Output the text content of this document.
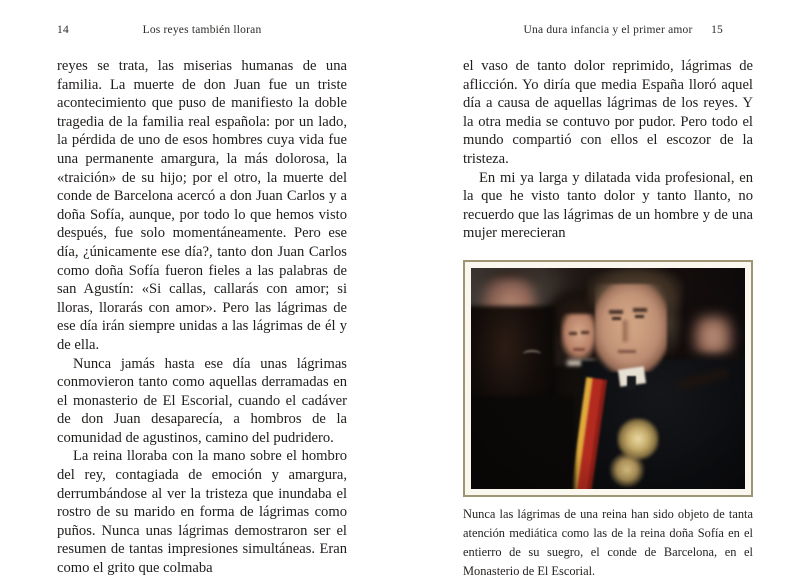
14	Los reyes también lloran

reyes se trata, las miserias humanas de una familia. La muerte de don Juan fue un triste acontecimiento que puso de manifiesto la doble tragedia de la familia real española: por un lado, la pérdida de uno de esos hombres cuya vida fue una permanente amargura, la más dolorosa, la «traición» de su hijo; por el otro, la muerte del conde de Barcelona acercó a don Juan Carlos y a doña Sofía, aunque, por todo lo que hemos visto después, fue solo momentáneamente. Pero ese día, ¿únicamente ese día?, tanto don Juan Carlos como doña Sofía fueron fieles a las palabras de san Agustín: «Si callas, callarás con amor; si lloras, llorarás con amor». Pero las lágrimas de ese día irán siempre unidas a las lágrimas de él y de ella.

Nunca jamás hasta ese día unas lágrimas conmovieron tanto como aquellas derramadas en el monasterio de El Escorial, cuando el cadáver de don Juan desaparecía, a hombros de la comunidad de agustinos, camino del pudridero.

La reina lloraba con la mano sobre el hombro del rey, contagiada de emoción y amargura, derrumbándose al ver la tristeza que inundaba el rostro de su marido en forma de lágrimas como puños. Nunca unas lágrimas demostraron ser el resumen de tantas impresiones simultáneas. Eran como el grito que colmaba

Una dura infancia y el primer amor 15

el vaso de tanto dolor reprimido, lágrimas de aflicción. Yo diría que media España lloró aquel día a causa de aquellas lágrimas de los reyes. Y la otra media se contuvo por pudor. Pero todo el mundo compartió con ellos el escozor de la tristeza.

En mi ya larga y dilatada vida profesional, en la que he visto tanto dolor y tanto llanto, no recuerdo que las lágrimas de un hombre y de una mujer merecieran

Nunca las lágrimas de una reina han sido objeto de tanta atención mediática como las de la reina doña Sofía en el entierro de su suegro, el conde de Barcelona, en el Monasterio de El Escorial.
